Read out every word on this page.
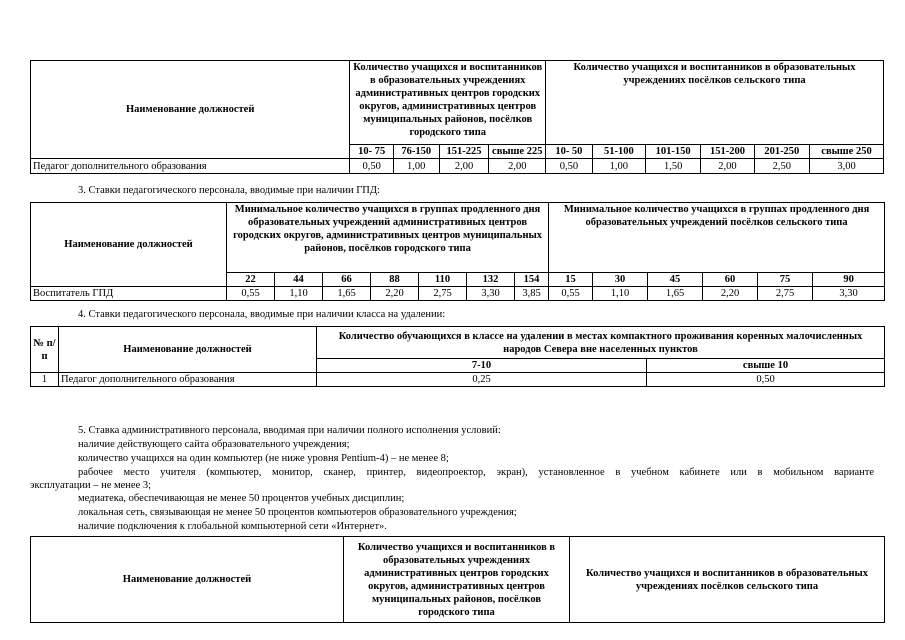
Наименование должностей	Количество учащихся и воспитанников в образовательных учреждениях административных центров городских округов, административных центров муниципальных районов, посёлков городского типа				Количество учащихся и воспитанников в образовательных учреждениях посёлков сельского типа					
	10- 75	76-150	151-225	свыше 225	10- 50	51-100	101-150	151-200	201-250	свыше 250
Педагог дополнительного образования	0,50	1,00	2,00	2,00	0,50	1,00	1,50	2,00	2,50	3,00
3. Ставки педагогического персонала, вводимые при наличии ГПД:
Наименование должностей	Минимальное количество учащихся в группах продленного дня образовательных учреждений административных центров городских округов, административных центров муниципальных районов, посёлков городского типа							Минимальное количество учащихся в группах продленного дня образовательных учреждений посёлков сельского типа					
	22	44	66	88	110	132	154	15	30	45	60	75	90
Воспитатель ГПД	0,55	1,10	1,65	2,20	2,75	3,30	3,85	0,55	1,10	1,65	2,20	2,75	3,30
4. Ставки педагогического персонала, вводимые при наличии класса на удалении:
№ п/п	Наименование должностей	Количество обучающихся в классе на удалении в местах компактного проживания коренных малочисленных народов Севера вне населенных пунктов	
		7-10	свыше 10
1	Педагог дополнительного образования	0,25	0,50
5. Ставка административного персонала, вводимая при наличии полного исполнения условий:
наличие действующего сайта образовательного учреждения;
количество учащихся на один компьютер (не ниже уровня Pentium-4) – не менее 8;
рабочее место учителя (компьютер, монитор, сканер, принтер, видеопроектор, экран), установленное в учебном кабинете или в мобильном варианте
эксплуатации – не менее 3;
медиатека, обеспечивающая не менее 50 процентов учебных дисциплин;
локальная сеть, связывающая не менее 50 процентов компьютеров образовательного учреждения;
наличие подключения к глобальной компьютерной сети «Интернет».
Наименование должностей	Количество учащихся и воспитанников в образовательных учреждениях административных центров городских округов, административных центров муниципальных районов, посёлков городского типа	Количество учащихся и воспитанников в образовательных учреждениях посёлков сельского типа
